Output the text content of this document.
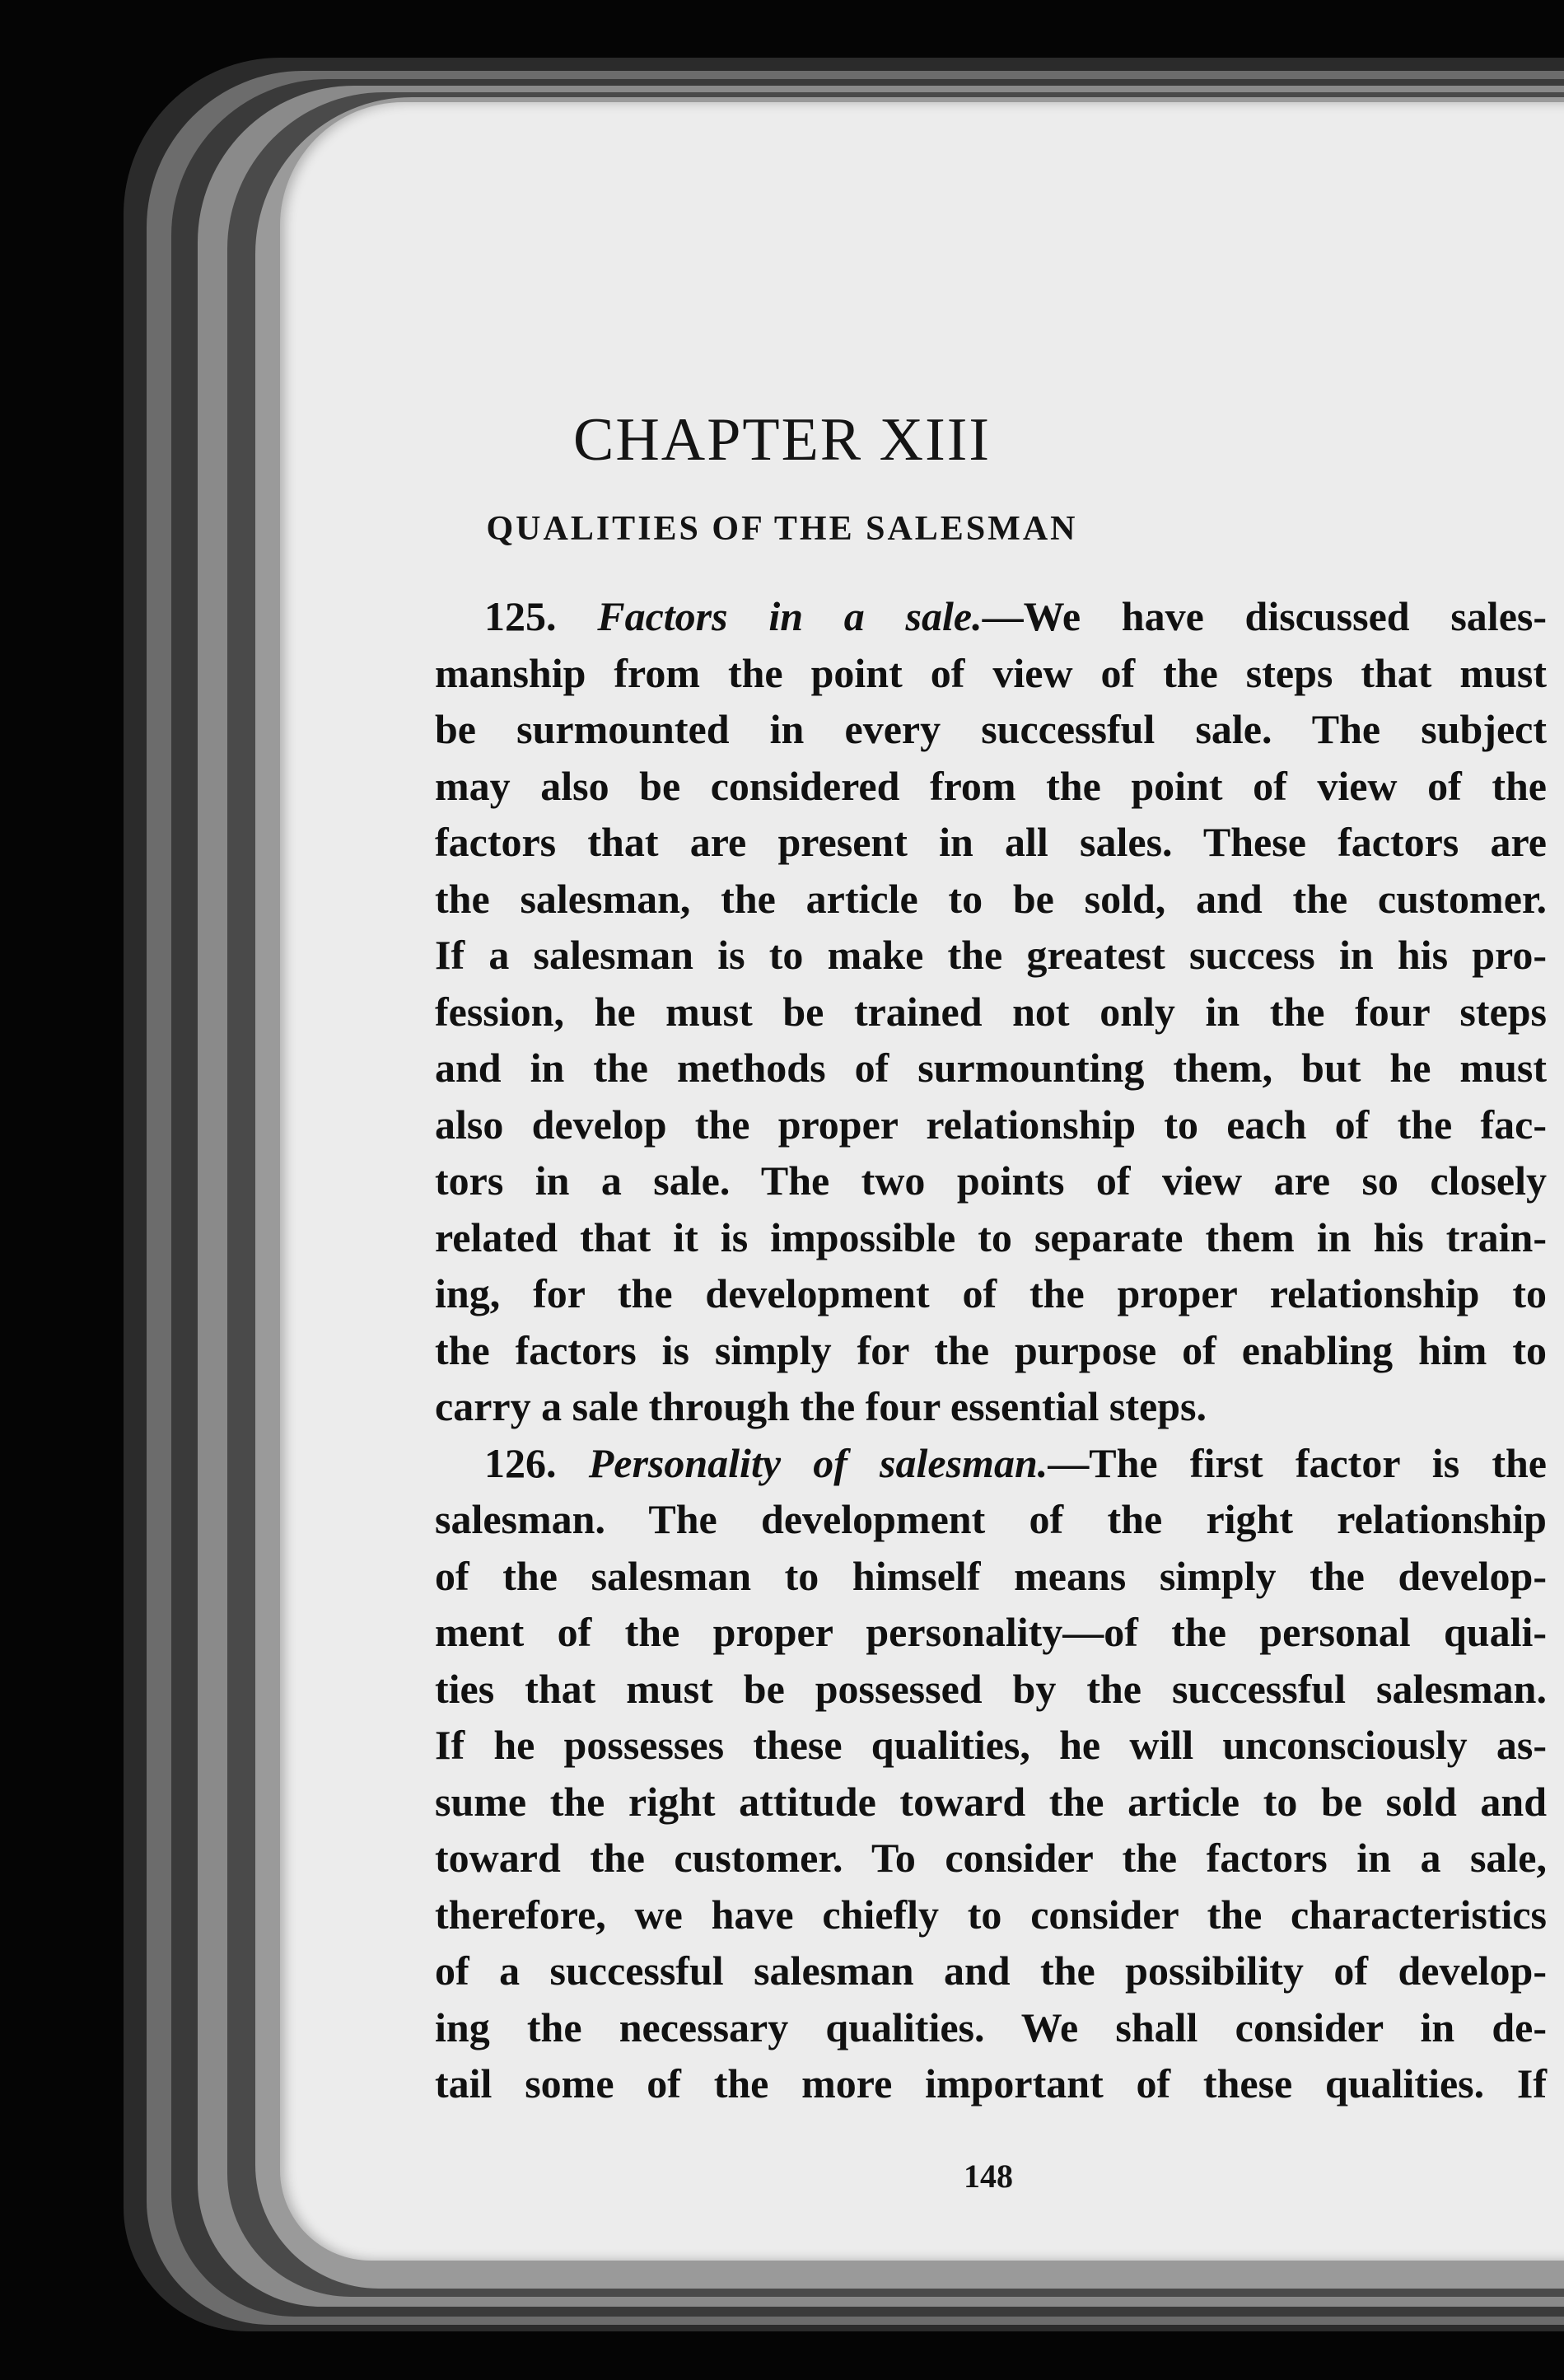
CHAPTER XIII
QUALITIES OF THE SALESMAN
125. Factors in a sale.—We have discussed sales-
manship from the point of view of the steps that must
be surmounted in every successful sale. The subject
may also be considered from the point of view of the
factors that are present in all sales. These factors are
the salesman, the article to be sold, and the customer.
If a salesman is to make the greatest success in his pro-
fession, he must be trained not only in the four steps
and in the methods of surmounting them, but he must
also develop the proper relationship to each of the fac-
tors in a sale. The two points of view are so closely
related that it is impossible to separate them in his train-
ing, for the development of the proper relationship to
the factors is simply for the purpose of enabling him to
carry a sale through the four essential steps.
126. Personality of salesman.—The first factor is the
salesman. The development of the right relationship
of the salesman to himself means simply the develop-
ment of the proper personality—of the personal quali-
ties that must be possessed by the successful salesman.
If he possesses these qualities, he will unconsciously as-
sume the right attitude toward the article to be sold and
toward the customer. To consider the factors in a sale,
therefore, we have chiefly to consider the characteristics
of a successful salesman and the possibility of develop-
ing the necessary qualities. We shall consider in de-
tail some of the more important of these qualities. If
148
